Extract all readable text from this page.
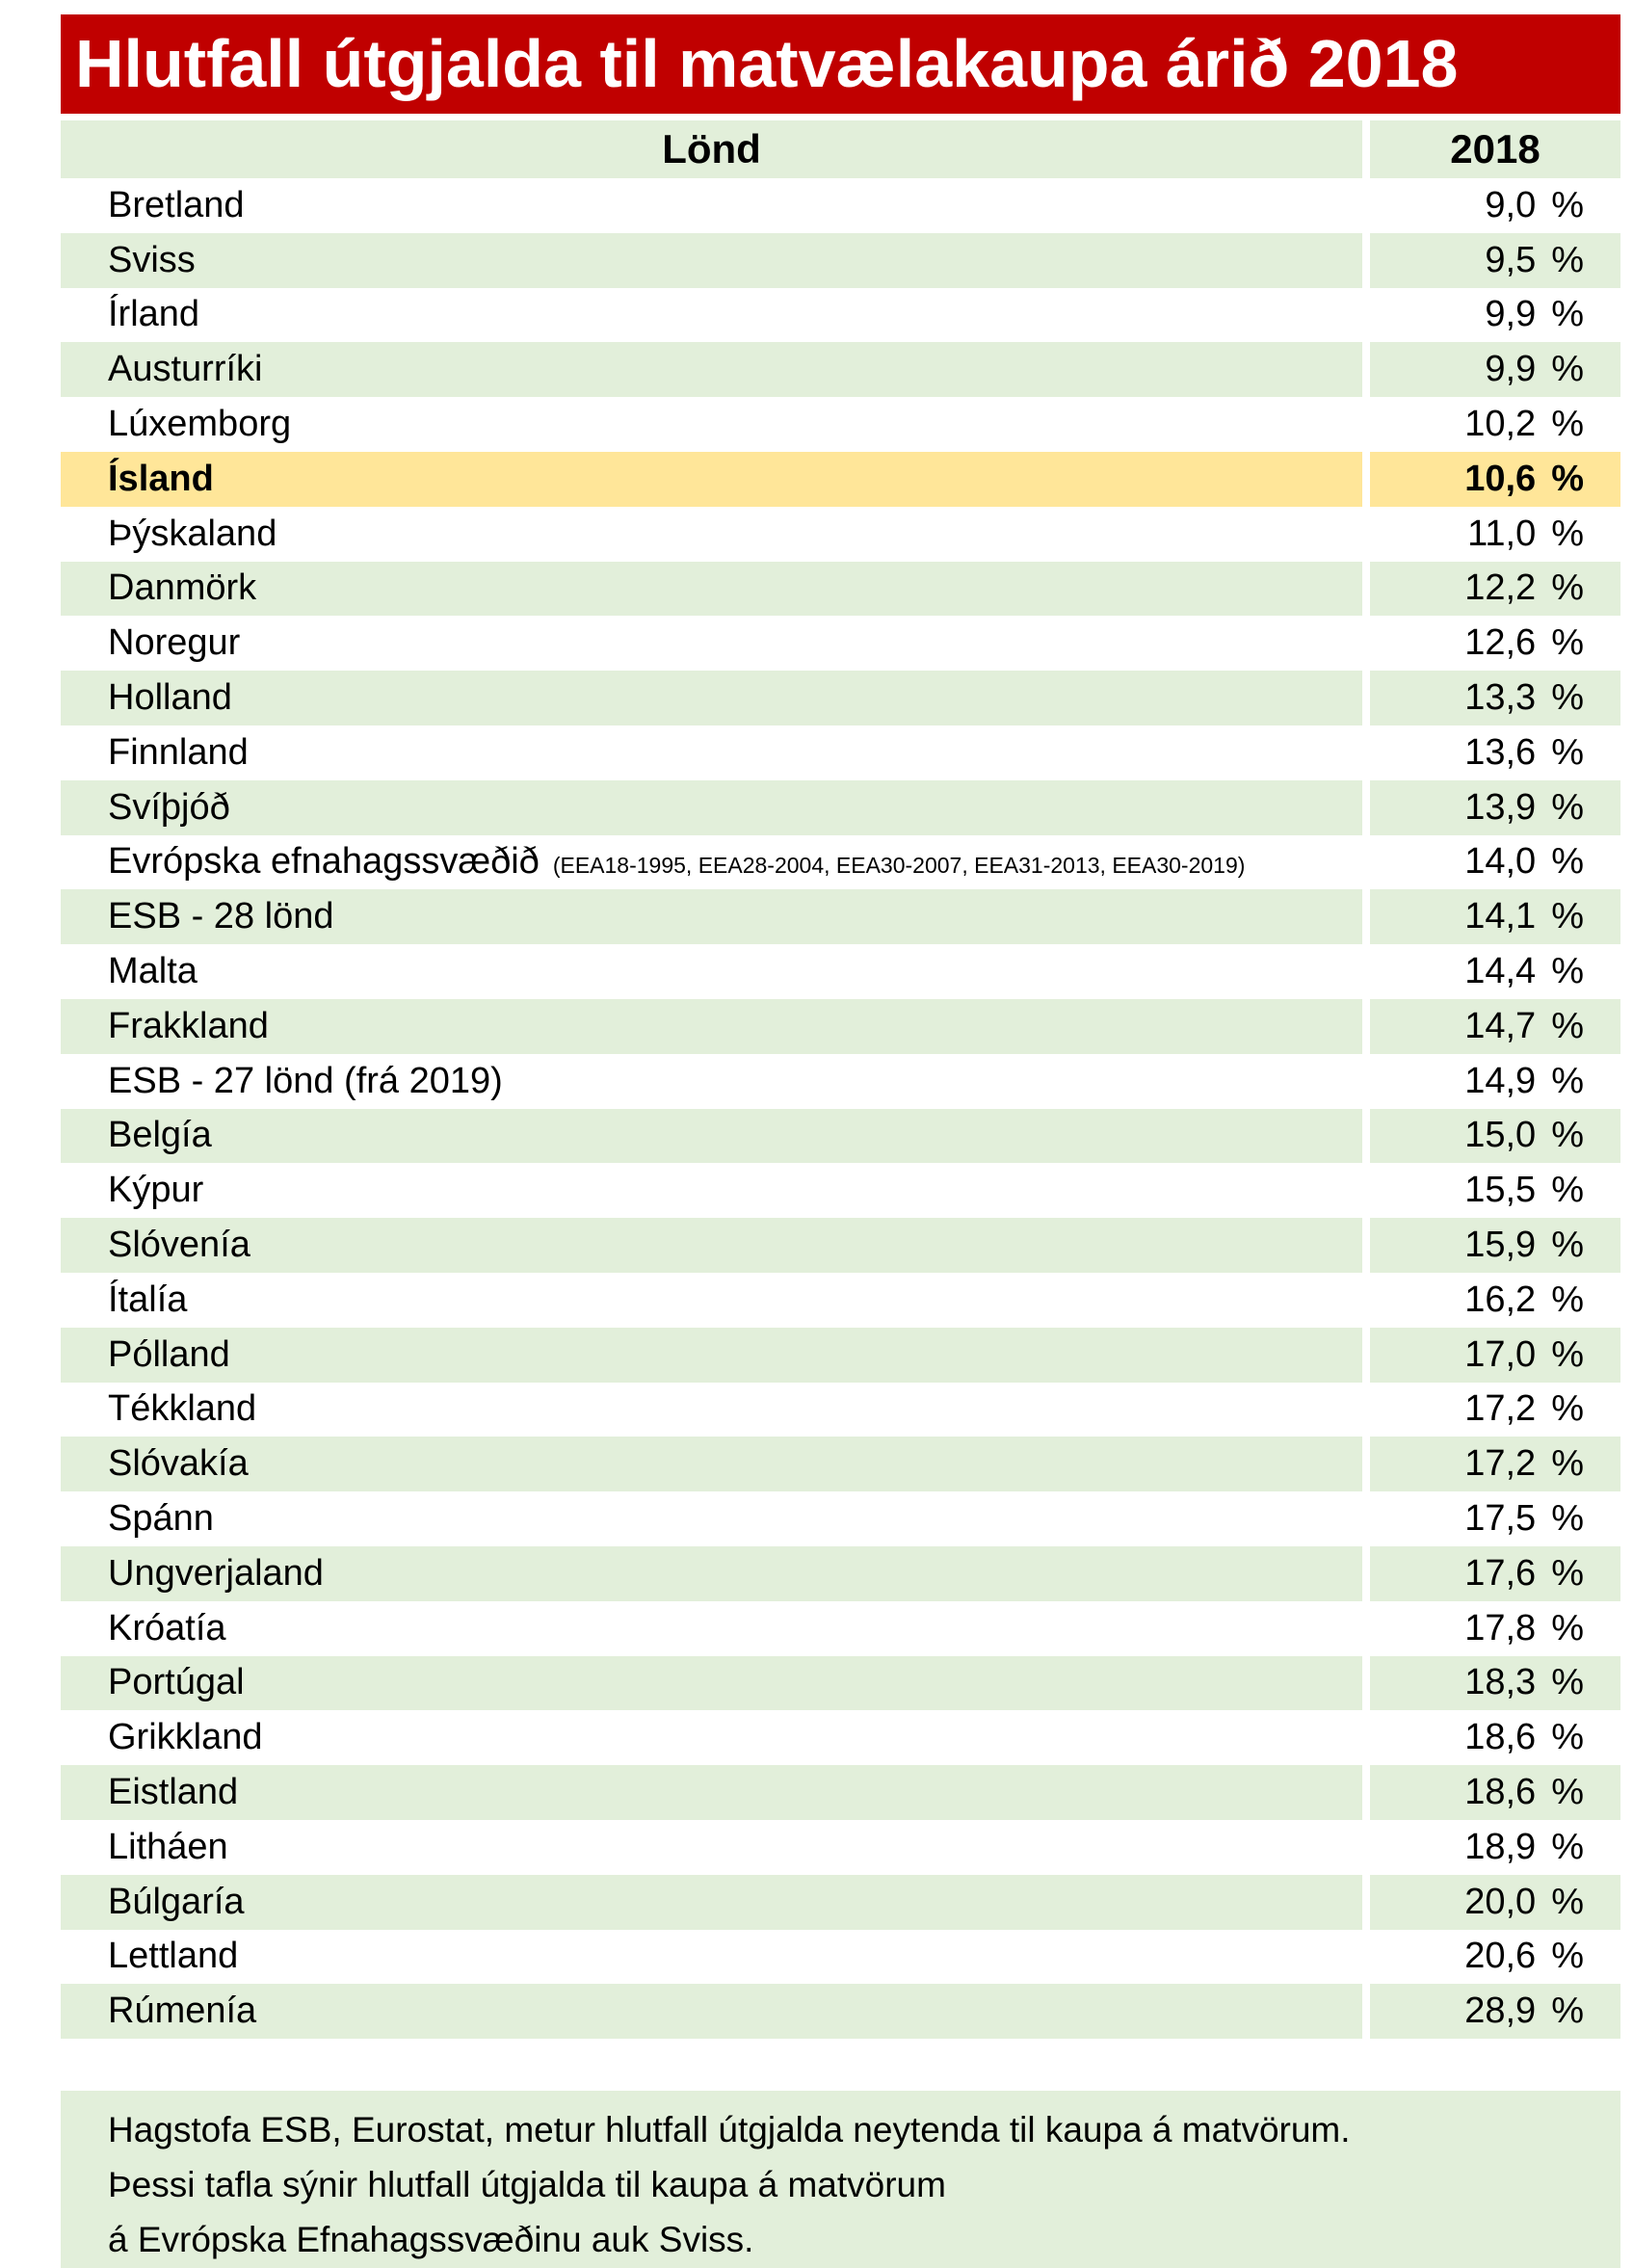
Hlutfall útgjalda til matvælakaupa árið 2018
Lönd	2018
Bretland	9,0 %
Sviss	9,5 %
Írland	9,9 %
Austurríki	9,9 %
Lúxemborg	10,2 %
Ísland	10,6 %
Þýskaland	11,0 %
Danmörk	12,2 %
Noregur	12,6 %
Holland	13,3 %
Finnland	13,6 %
Svíþjóð	13,9 %
Evrópska efnahagssvæðið (EEA18-1995, EEA28-2004, EEA30-2007, EEA31-2013, EEA30-2019)	14,0 %
ESB - 28 lönd	14,1 %
Malta	14,4 %
Frakkland	14,7 %
ESB - 27 lönd (frá 2019)	14,9 %
Belgía	15,0 %
Kýpur	15,5 %
Slóvenía	15,9 %
Ítalía	16,2 %
Pólland	17,0 %
Tékkland	17,2 %
Slóvakía	17,2 %
Spánn	17,5 %
Ungverjaland	17,6 %
Króatía	17,8 %
Portúgal	18,3 %
Grikkland	18,6 %
Eistland	18,6 %
Litháen	18,9 %
Búlgaría	20,0 %
Lettland	20,6 %
Rúmenía	28,9 %
Hagstofa ESB, Eurostat, metur hlutfall útgjalda neytenda til kaupa á matvörum.
Þessi tafla sýnir hlutfall útgjalda til kaupa á matvörum
á Evrópska Efnahagssvæðinu auk Sviss.
